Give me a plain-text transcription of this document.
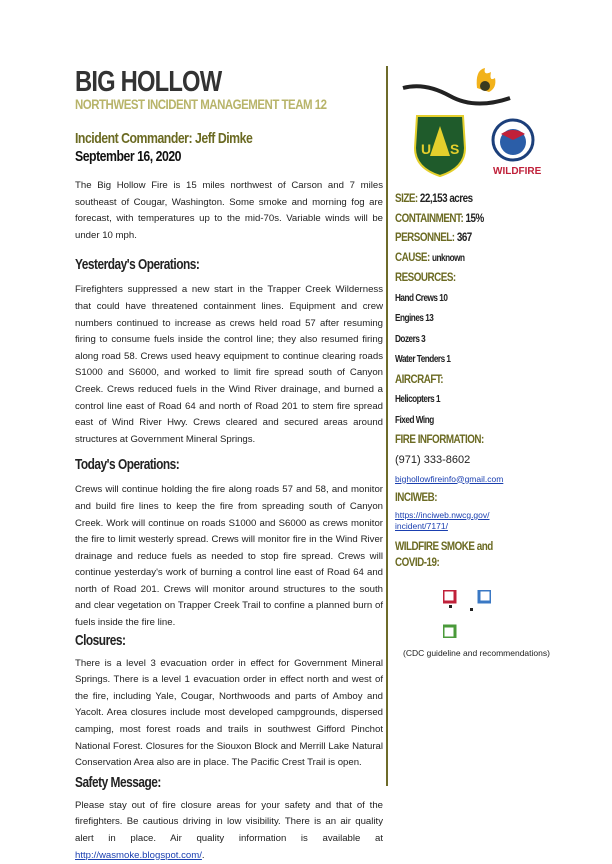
BIG HOLLOW
NORTHWEST INCIDENT MANAGEMENT TEAM 12
Incident Commander: Jeff Dimke
September 16, 2020

The Big Hollow Fire is 15 miles northwest of Carson and 7 miles southeast of Cougar, Washington. Some smoke and morning fog are forecast, with temperatures up to the mid-70s. Variable winds will be under 10 mph.

Yesterday's Operations:

Firefighters suppressed a new start in the Trapper Creek Wilderness that could have threatened containment lines. Equipment and crew numbers continued to increase as crews held road 57 after resuming firing to consume fuels inside the control line; they also resumed firing along road 58. Crews used heavy equipment to continue clearing roads S1000 and S6000, and worked to limit fire spread south of Canyon Creek. Crews reduced fuels in the Wind River drainage, and burned a control line east of Road 64 and north of Road 201 to stem fire spread east of Wind River Hwy. Crews cleared and secured areas around structures at Government Mineral Springs.

Today's Operations:

Crews will continue holding the fire along roads 57 and 58, and monitor and build fire lines to keep the fire from spreading south of Canyon Creek. Work will continue on roads S1000 and S6000 as crews monitor the fire to limit westerly spread. Crews will monitor fire in the Wind River drainage and reduce fuels as needed to stop fire spread. Crews will continue yesterday's work of burning a control line east of Road 64 and north of Road 201. Crews will monitor around structures to the south and clear vegetation on Trapper Creek Trail to confine a planned burn of fuels inside the fire line.

Closures:

There is a level 3 evacuation order in effect for Government Mineral Springs. There is a level 1 evacuation order in effect north and west of the fire, including Yale, Cougar, Northwoods and parts of Amboy and Yacolt. Area closures include most developed campgrounds, dispersed camping, most forest roads and trails in southwest Gifford Pinchot National Forest. Closures for the Siouxon Block and Merrill Lake Natural Conservation Area also are in place. The Pacific Crest Trail is open.

Safety Message:

Please stay out of fire closure areas for your safety and that of the firefighters. Be cautious driving in low visibility. There is an air quality alert in place. Air quality information is available at http://wasmoke.blogspot.com/.

U S
WILDFIRE
SIZE: 22,153 acres
CONTAINMENT: 15%
PERSONNEL: 367
CAUSE: unknown
RESOURCES:
Hand Crews 10
Engines 13
Dozers 3
Water Tenders 1
AIRCRAFT:
Helicopters 1
Fixed Wing
FIRE INFORMATION:
(971) 333-8602
bighollowfireinfo@gmail.com
INCIWEB:
https://inciweb.nwcg.gov/
incident/7171/
WILDFIRE SMOKE and
COVID-19:
(CDC guideline and recommendations)
